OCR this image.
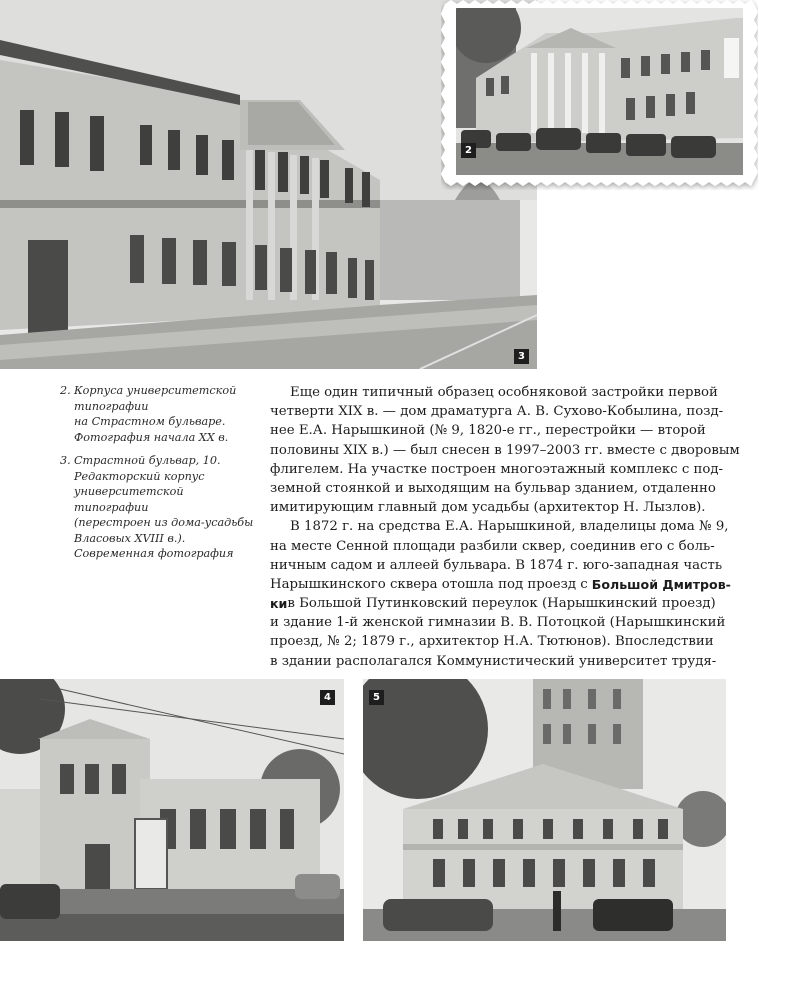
3
2
2. Корпуса университетской
типографии
на Страстном бульваре.
Фотография начала XX в.
3. Страстной бульвар, 10.
Редакторский корпус
университетской типографии
(перестроен из дома-усадьбы
Власовых XVIII в.).
Современная фотография
Еще один типичный образец особняковой застройки первой
четверти XIX в. — дом драматурга А. В. Сухово-Кобылина, позд-
нее Е.А. Нарышкиной (№ 9, 1820-е гг., перестройки — второй
половины XIX в.) — был снесен в 1997–2003 гг. вместе с дворовым
флигелем. На участке построен многоэтажный комплекс с под-
земной стоянкой и выходящим на бульвар зданием, отдаленно
имитирующим главный дом усадьбы (архитектор Н. Лызлов).
В 1872 г. на средства Е.А. Нарышкиной, владелицы дома № 9,
на месте Сенной площади разбили сквер, соединив его с боль-
ничным садом и аллеей бульвара. В 1874 г. юго-западная часть
Нарышкинского сквера отошла под проезд с Большой Дмитров-
ки в Большой Путинковский переулок (Нарышкинский проезд)
и здание 1-й женской гимназии В. В. Потоцкой (Нарышкинский
проезд, № 2; 1879 г., архитектор Н.А. Тютюнов). Впоследствии
в здании располагался Коммунистический университет трудя-
4	5
